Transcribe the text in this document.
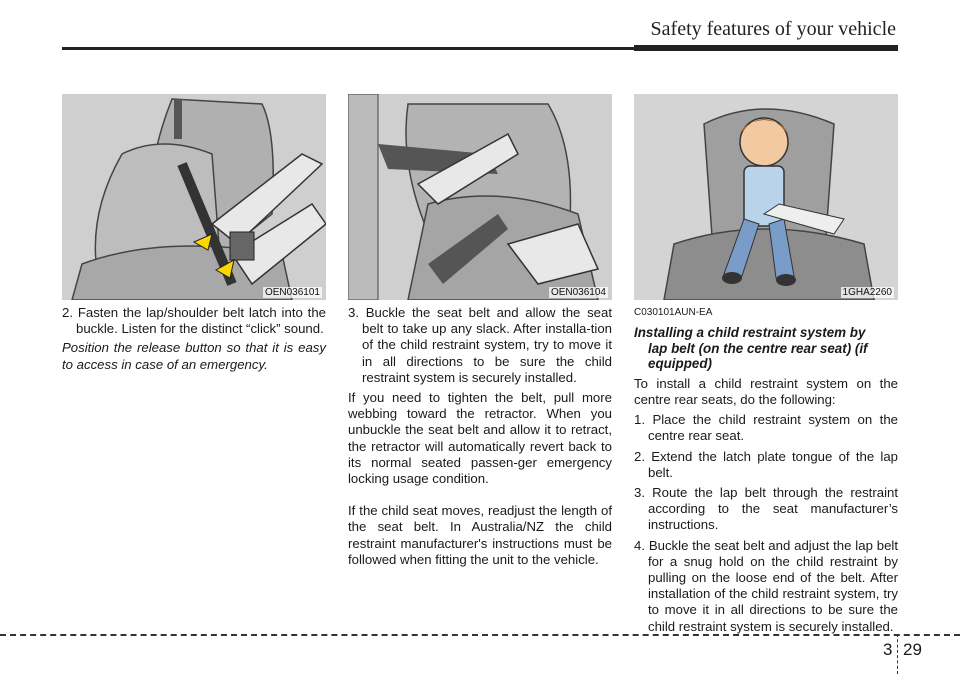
Safety features of your vehicle
OEN036101	OEN036104	1GHA2260
2. Fasten the lap/shoulder belt latch into the buckle. Listen for the distinct “click” sound.

Position the release button so that it is easy to access in case of an emergency.

3. Buckle the seat belt and allow the seat belt to take up any slack. After installa-tion of the child restraint system, try to move it in all directions to be sure the child restraint system is securely installed.

If you need to tighten the belt, pull more webbing toward the retractor. When you unbuckle the seat belt and allow it to retract, the retractor will automatically revert back to its normal seated passen-ger emergency locking usage condition.

If the child seat moves, readjust the length of the seat belt. In Australia/NZ the child restraint manufacturer's instructions must be followed when fitting the unit to the vehicle.

C030101AUN-EA
Installing a child restraint system by
lap belt (on the centre rear seat) (if
equipped)

To install a child restraint system on the centre rear seats, do the following:

1. Place the child restraint system on the centre rear seat.

2. Extend the latch plate tongue of the lap belt.

3. Route the lap belt through the restraint according to the seat manufacturer’s instructions.

4. Buckle the seat belt and adjust the lap belt for a snug hold on the child restraint by pulling on the loose end of the belt. After installation of the child restraint system, try to move it in all directions to be sure the child restraint system is securely installed.

3 29
